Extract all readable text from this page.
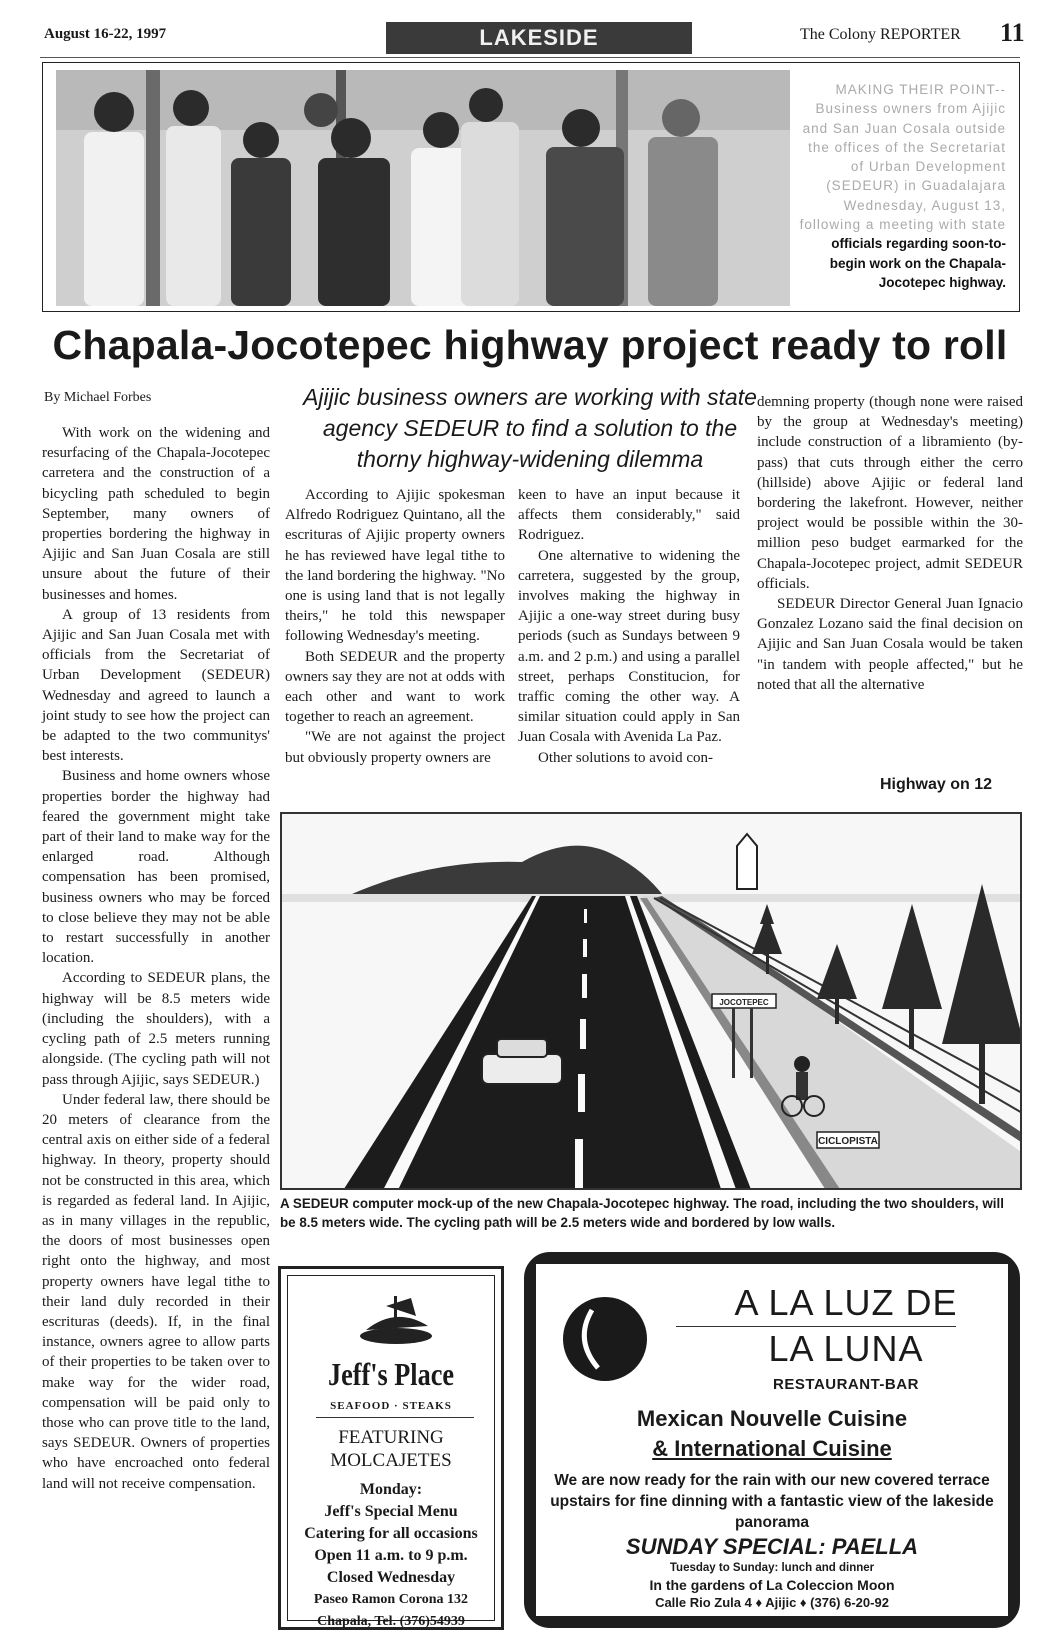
August 16-22, 1997	LAKESIDE	The Colony REPORTER 11
MAKING THEIR POINT-- Business owners from Ajijic and San Juan Cosala outside the offices of the Secretariat of Urban Development (SEDEUR) in Guadalajara Wednesday, August 13, following a meeting with state officials regarding soon-to-begin work on the Chapala-Jocotepec highway.
Chapala-Jocotepec highway project ready to roll
By Michael Forbes	Ajijic business owners are working with state agency SEDEUR to find a solution to the thorny highway-widening dilemma

With work on the widening and resurfacing of the Chapala-Jocotepec carretera and the construction of a bicycling path scheduled to begin September, many owners of properties bordering the highway in Ajijic and San Juan Cosala are still unsure about the future of their businesses and homes.

A group of 13 residents from Ajijic and San Juan Cosala met with officials from the Secretariat of Urban Development (SEDEUR) Wednesday and agreed to launch a joint study to see how the project can be adapted to the two communitys' best interests.

Business and home owners whose properties border the highway had feared the government might take part of their land to make way for the enlarged road. Although compensation has been promised, business owners who may be forced to close believe they may not be able to restart successfully in another location.

According to SEDEUR plans, the highway will be 8.5 meters wide (including the shoulders), with a cycling path of 2.5 meters running alongside. (The cycling path will not pass through Ajijic, says SEDEUR.)

Under federal law, there should be 20 meters of clearance from the central axis on either side of a federal highway. In theory, property should not be constructed in this area, which is regarded as federal land. In Ajijic, as in many villages in the republic, the doors of most businesses open right onto the highway, and most property owners have legal tithe to their land duly recorded in their escrituras (deeds). If, in the final instance, owners agree to allow parts of their properties to be taken over to make way for the wider road, compensation will be paid only to those who can prove title to the land, says SEDEUR. Owners of properties who have encroached onto federal land will not receive compensation.

According to Ajijic spokesman Alfredo Rodriguez Quintano, all the escrituras of Ajijic property owners he has reviewed have legal tithe to the land bordering the highway. "No one is using land that is not legally theirs," he told this newspaper following Wednesday's meeting.

Both SEDEUR and the property owners say they are not at odds with each other and want to work together to reach an agreement.

"We are not against the project but obviously property owners are

keen to have an input because it affects them considerably," said Rodriguez.

One alternative to widening the carretera, suggested by the group, involves making the highway in Ajijic a one-way street during busy periods (such as Sundays between 9 a.m. and 2 p.m.) and using a parallel street, perhaps Constitucion, for traffic coming the other way. A similar situation could apply in San Juan Cosala with Avenida La Paz.

Other solutions to avoid con-

demning property (though none were raised by the group at Wednesday's meeting) include construction of a libramiento (by-pass) that cuts through either the cerro (hillside) above Ajijic or federal land bordering the lakefront. However, neither project would be possible within the 30-million peso budget earmarked for the Chapala-Jocotepec project, admit SEDEUR officials.

SEDEUR Director General Juan Ignacio Gonzalez Lozano said the final decision on Ajijic and San Juan Cosala would be taken "in tandem with people affected," but he noted that all the alternative

Highway on 12
JOCOTEPEC
CICLOPISTA
A SEDEUR computer mock-up of the new Chapala-Jocotepec highway. The road, including the two shoulders, will be 8.5 meters wide. The cycling path will be 2.5 meters wide and bordered by low walls.
Jeff's Place
SEAFOOD · STEAKS
FEATURING
MOLCAJETES
Monday:
Jeff's Special Menu
Catering for all occasions
Open 11 a.m. to 9 p.m.
Closed Wednesday
Paseo Ramon Corona 132
Chapala, Tel. (376)54939
A LA LUZ DE
LA LUNA
RESTAURANT-BAR
Mexican Nouvelle Cuisine
& International Cuisine
We are now ready for the rain with our new covered terrace upstairs for fine dinning with a fantastic view of the lakeside panorama
SUNDAY SPECIAL: PAELLA
Tuesday to Sunday: lunch and dinner
In the gardens of La Coleccion Moon
Calle Rio Zula 4 ♦ Ajijic ♦ (376) 6-20-92
